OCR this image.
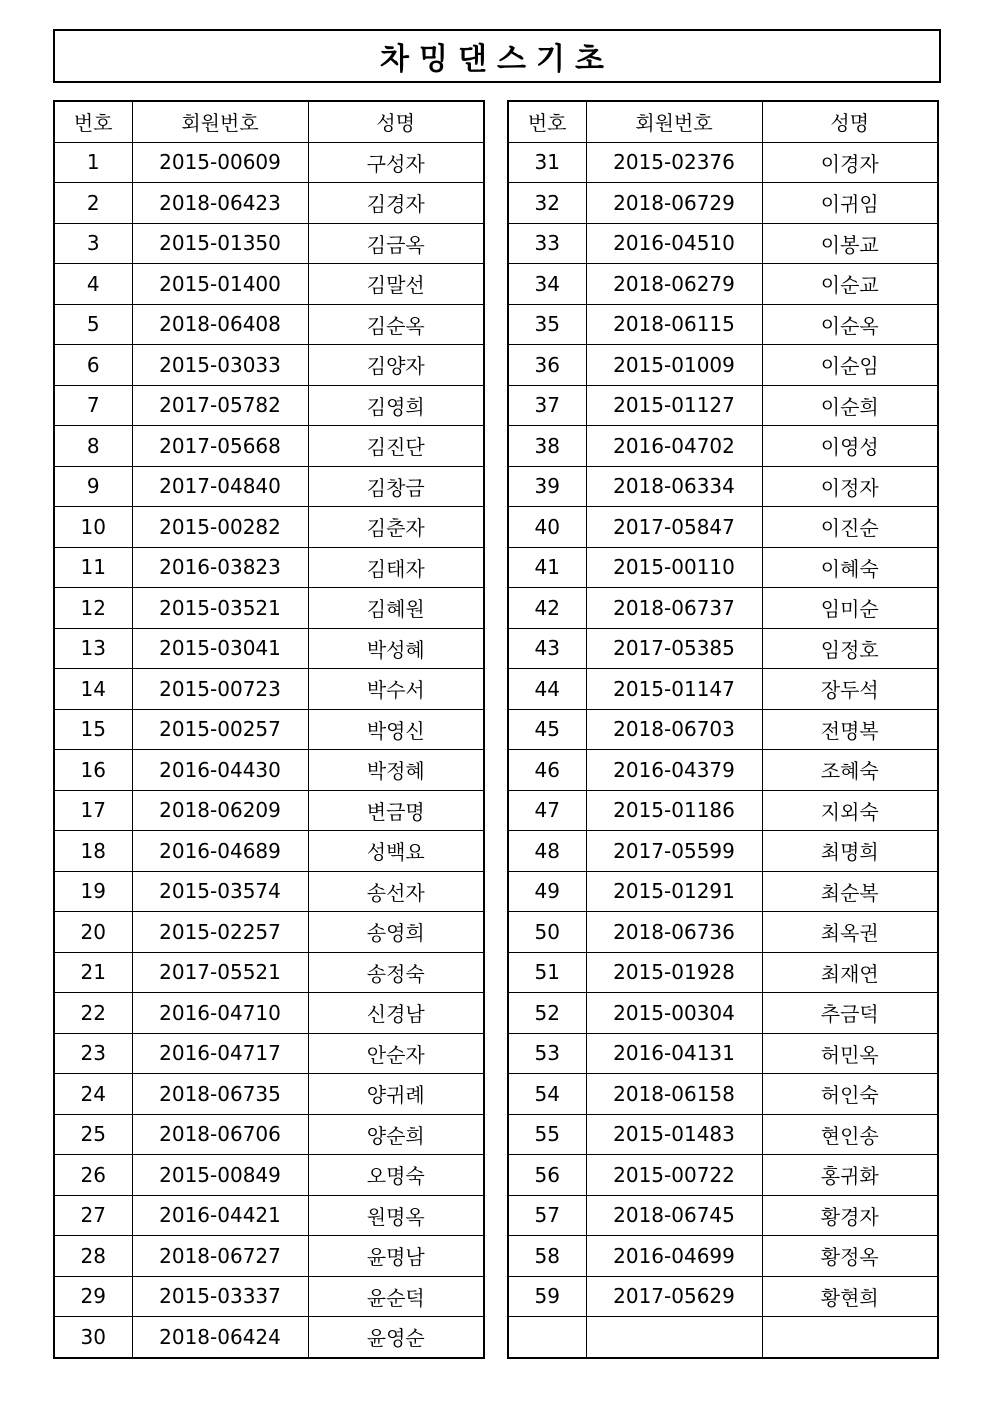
차밍댄스기초
번호	회원번호	성명
1	2015-00609	구성자
2	2018-06423	김경자
3	2015-01350	김금옥
4	2015-01400	김말선
5	2018-06408	김순옥
6	2015-03033	김양자
7	2017-05782	김영희
8	2017-05668	김진단
9	2017-04840	김창금
10	2015-00282	김춘자
11	2016-03823	김태자
12	2015-03521	김혜원
13	2015-03041	박성혜
14	2015-00723	박수서
15	2015-00257	박영신
16	2016-04430	박정혜
17	2018-06209	변금명
18	2016-04689	성백요
19	2015-03574	송선자
20	2015-02257	송영희
21	2017-05521	송정숙
22	2016-04710	신경남
23	2016-04717	안순자
24	2018-06735	양귀례
25	2018-06706	양순희
26	2015-00849	오명숙
27	2016-04421	원명옥
28	2018-06727	윤명남
29	2015-03337	윤순덕
30	2018-06424	윤영순
번호	회원번호	성명
31	2015-02376	이경자
32	2018-06729	이귀임
33	2016-04510	이봉교
34	2018-06279	이순교
35	2018-06115	이순옥
36	2015-01009	이순임
37	2015-01127	이순희
38	2016-04702	이영성
39	2018-06334	이정자
40	2017-05847	이진순
41	2015-00110	이혜숙
42	2018-06737	임미순
43	2017-05385	임정호
44	2015-01147	장두석
45	2018-06703	전명복
46	2016-04379	조혜숙
47	2015-01186	지외숙
48	2017-05599	최명희
49	2015-01291	최순복
50	2018-06736	최옥권
51	2015-01928	최재연
52	2015-00304	추금덕
53	2016-04131	허민옥
54	2018-06158	허인숙
55	2015-01483	현인송
56	2015-00722	홍귀화
57	2018-06745	황경자
58	2016-04699	황정옥
59	2017-05629	황현희
